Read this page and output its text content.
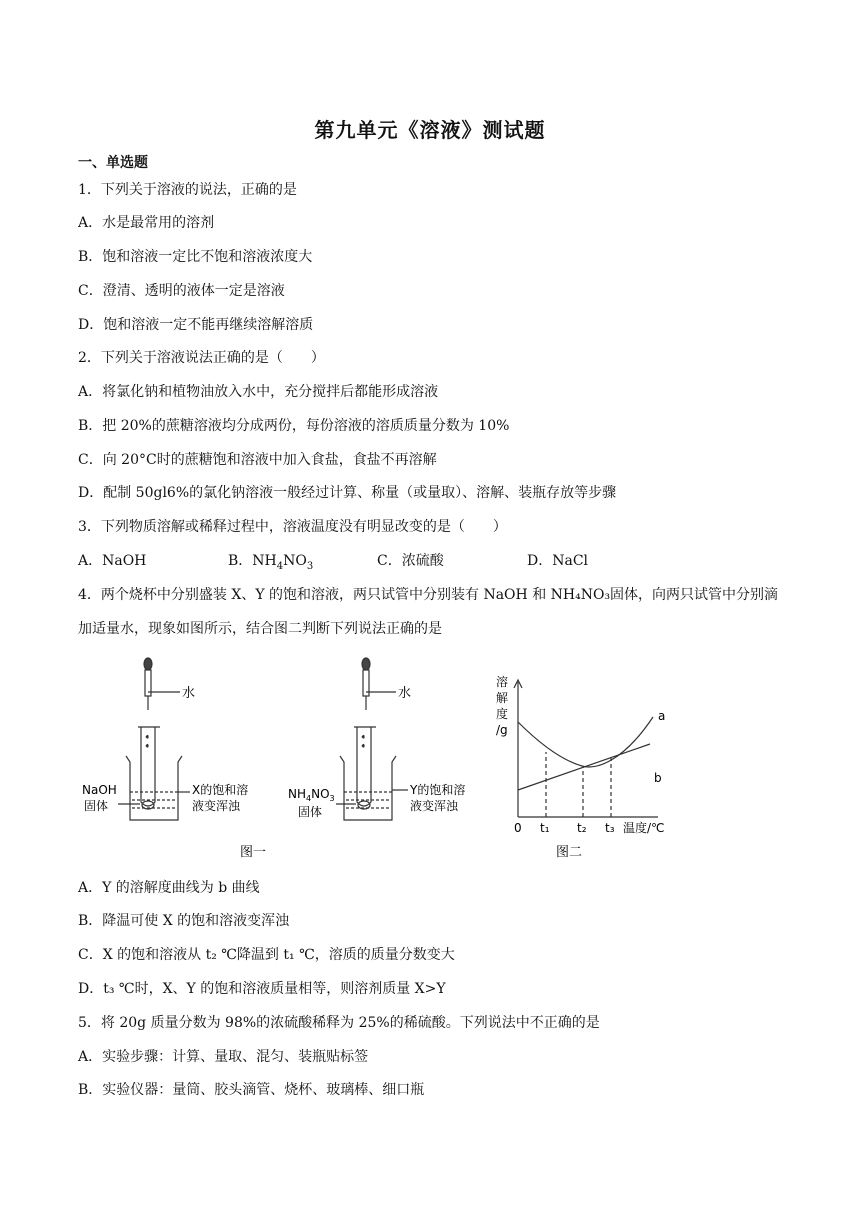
第九单元《溶液》测试题
一、单选题
1．下列关于溶液的说法，正确的是
A．水是最常用的溶剂
B．饱和溶液一定比不饱和溶液浓度大
C．澄清、透明的液体一定是溶液
D．饱和溶液一定不能再继续溶解溶质
2．下列关于溶液说法正确的是（　　）
A．将氯化钠和植物油放入水中，充分搅拌后都能形成溶液
B．把 20%的蔗糖溶液均分成两份，每份溶液的溶质质量分数为 10%
C．向 20°C时的蔗糖饱和溶液中加入食盐，食盐不再溶解
D．配制 50gl6%的氯化钠溶液一般经过计算、称量（或量取）、溶解、装瓶存放等步骤
3．下列物质溶解或稀释过程中，溶液温度没有明显改变的是（　　）
A．NaOH	B．$NH_4NO_3$	C．浓硫酸	D．NaCl
4．两个烧杯中分别盛装 X、Y 的饱和溶液，两只试管中分别装有 NaOH 和 NH₄NO₃固体，向两只试管中分别滴加适量水，现象如图所示，结合图二判断下列说法正确的是
水
NaOH
固体
X的饱和溶
液变浑浊
水
$NH_4NO_3$
固体
Y的饱和溶
液变浑浊
图一
溶
解
度
/g
0 t₁ t₂ t₃ 温度/℃
a
b
图二
A．Y 的溶解度曲线为 b 曲线
B．降温可使 X 的饱和溶液变浑浊
C．X 的饱和溶液从 t₂ ℃降温到 t₁ ℃，溶质的质量分数变大
D．t₃ ℃时，X、Y 的饱和溶液质量相等，则溶剂质量 X>Y
5．将 20g 质量分数为 98%的浓硫酸稀释为 25%的稀硫酸。下列说法中不正确的是
A．实验步骤：计算、量取、混匀、装瓶贴标签
B．实验仪器：量筒、胶头滴管、烧杯、玻璃棒、细口瓶
